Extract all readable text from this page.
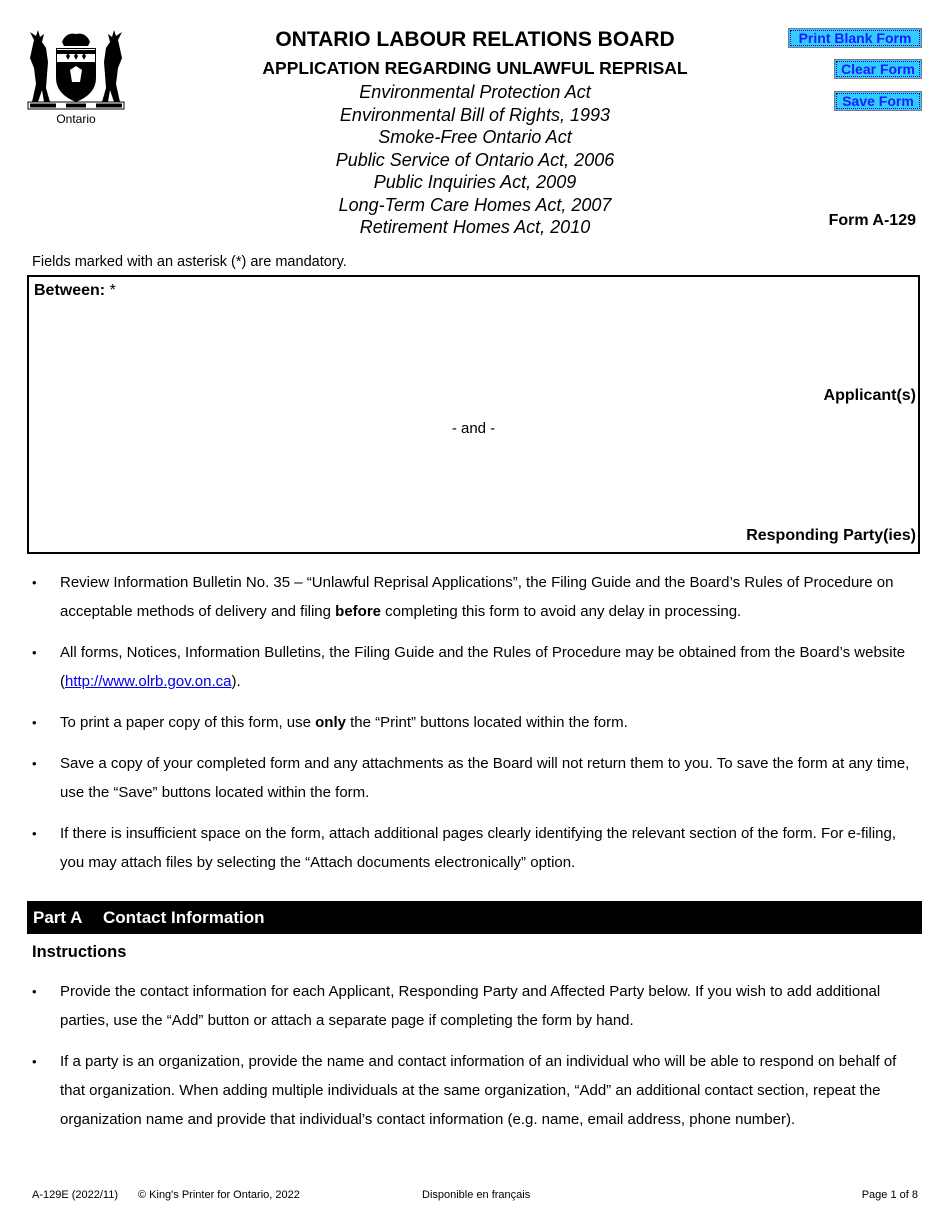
Ontario
ONTARIO LABOUR RELATIONS BOARD
APPLICATION REGARDING UNLAWFUL REPRISAL
Environmental Protection Act
Environmental Bill of Rights, 1993
Smoke-Free Ontario Act
Public Service of Ontario Act, 2006
Public Inquiries Act, 2009
Long-Term Care Homes Act, 2007
Retirement Homes Act, 2010
Print Blank Form
Clear Form
Save Form
Form A-129
Fields marked with an asterisk (*) are mandatory.
Between: *
Applicant(s)
- and -
Responding Party(ies)
• Review Information Bulletin No. 35 – “Unlawful Reprisal Applications”, the Filing Guide and the Board’s Rules of Procedure on acceptable methods of delivery and filing before completing this form to avoid any delay in processing.
• All forms, Notices, Information Bulletins, the Filing Guide and the Rules of Procedure may be obtained from the Board’s website (http://www.olrb.gov.on.ca).
• To print a paper copy of this form, use only the “Print” buttons located within the form.
• Save a copy of your completed form and any attachments as the Board will not return them to you. To save the form at any time, use the “Save” buttons located within the form.
• If there is insufficient space on the form, attach additional pages clearly identifying the relevant section of the form. For e-filing, you may attach files by selecting the “Attach documents electronically” option.
Part A Contact Information
Instructions
• Provide the contact information for each Applicant, Responding Party and Affected Party below. If you wish to add additional parties, use the “Add” button or attach a separate page if completing the form by hand.
• If a party is an organization, provide the name and contact information of an individual who will be able to respond on behalf of that organization. When adding multiple individuals at the same organization, “Add” an additional contact section, repeat the organization name and provide that individual’s contact information (e.g. name, email address, phone number).
A-129E (2022/11) © King's Printer for Ontario, 2022	Disponible en français	Page 1 of 8
